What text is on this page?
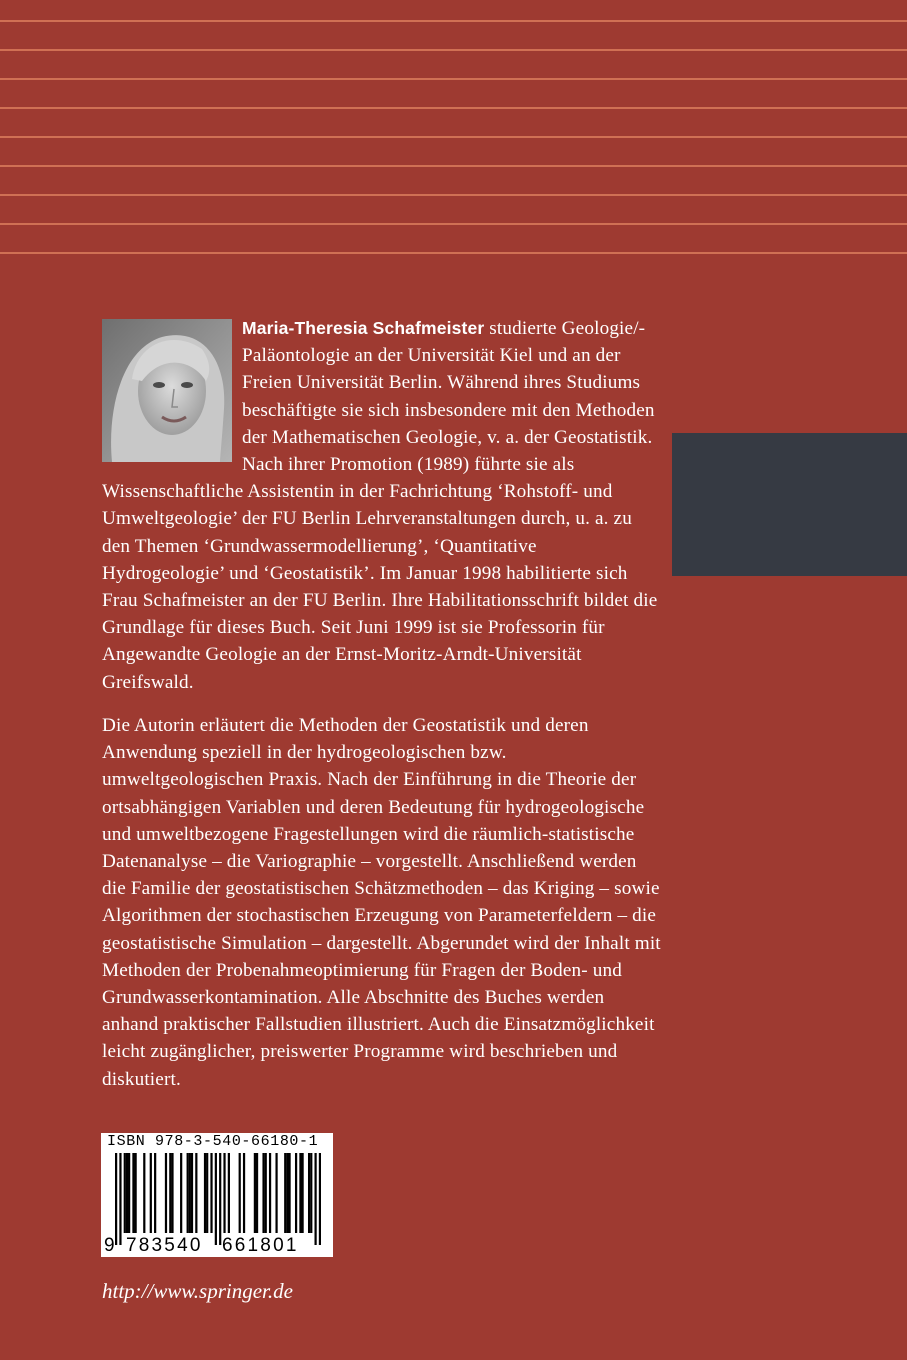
Maria-Theresia Schafmeister studierte Geologie/-Paläontologie an der Universität Kiel und an der Freien Universität Berlin. Während ihres Studiums beschäftigte sie sich insbesondere mit den Methoden der Mathematischen Geologie, v. a. der Geostatistik. Nach ihrer Promotion (1989) führte sie als Wissenschaftliche Assistentin in der Fachrichtung ‘Rohstoff- und Umweltgeologie’ der FU Berlin Lehrveranstaltungen durch, u. a. zu den Themen ‘Grundwassermodellierung’, ‘Quantitative Hydrogeologie’ und ‘Geostatistik’. Im Januar 1998 habilitierte sich Frau Schafmeister an der FU Berlin. Ihre Habilitationsschrift bildet die Grundlage für dieses Buch. Seit Juni 1999 ist sie Professorin für Angewandte Geologie an der Ernst-Moritz-Arndt-Universität Greifswald.
Die Autorin erläutert die Methoden der Geostatistik und deren Anwendung speziell in der hydrogeologischen bzw. umweltgeologischen Praxis. Nach der Einführung in die Theorie der ortsabhängigen Variablen und deren Bedeutung für hydrogeologische und umweltbezogene Fragestellungen wird die räumlich-statistische Datenanalyse – die Variographie – vorgestellt. Anschließend werden die Familie der geostatistischen Schätzmethoden – das Kriging – sowie Algorithmen der stochastischen Erzeugung von Parameterfeldern – die geostatistische Simulation – dargestellt. Abgerundet wird der Inhalt mit Methoden der Probenahmeoptimierung für Fragen der Boden- und Grundwasserkontamination. Alle Abschnitte des Buches werden anhand praktischer Fallstudien illustriert. Auch die Einsatzmöglichkeit leicht zugänglicher, preiswerter Programme wird beschrieben und diskutiert.
ISBN 978-3-540-66180-1
9 783540 661801
http://www.springer.de
